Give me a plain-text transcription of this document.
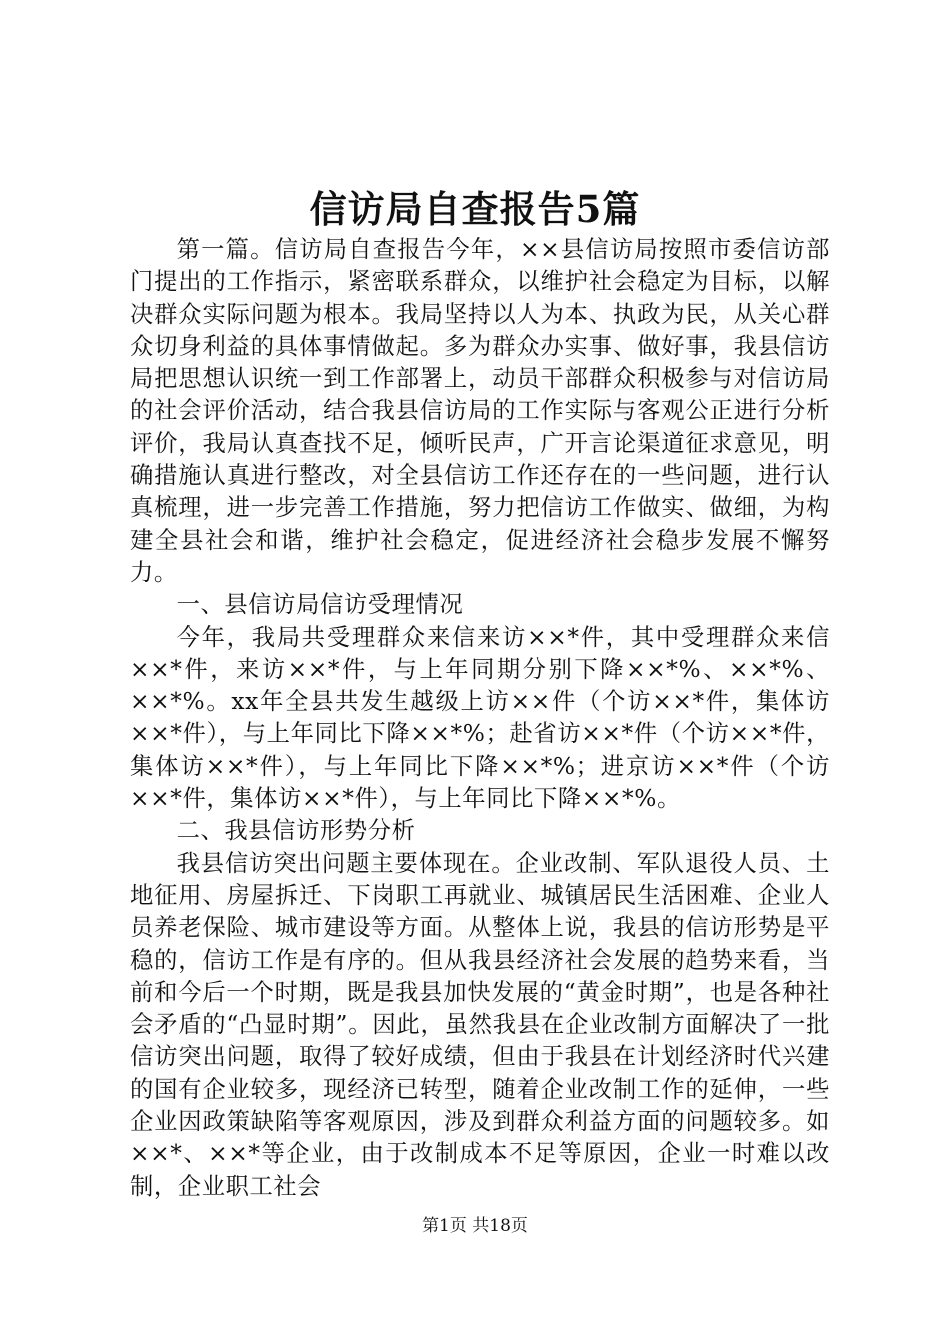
信访局自查报告5篇

第一篇。信访局自查报告今年，××县信访局按照市委信访部门提出的工作指示，紧密联系群众，以维护社会稳定为目标，以解决群众实际问题为根本。我局坚持以人为本、执政为民，从关心群众切身利益的具体事情做起。多为群众办实事、做好事，我县信访局把思想认识统一到工作部署上，动员干部群众积极参与对信访局的社会评价活动，结合我县信访局的工作实际与客观公正进行分析评价，我局认真查找不足，倾听民声，广开言论渠道征求意见，明确措施认真进行整改，对全县信访工作还存在的一些问题，进行认真梳理，进一步完善工作措施，努力把信访工作做实、做细，为构建全县社会和谐，维护社会稳定，促进经济社会稳步发展不懈努力。

一、县信访局信访受理情况

今年，我局共受理群众来信来访××*件，其中受理群众来信××*件，来访××*件，与上年同期分别下降××*%、××*%、××*%。xx年全县共发生越级上访××件（个访××*件，集体访××*件），与上年同比下降××*%；赴省访××*件（个访××*件，集体访××*件），与上年同比下降××*%；进京访××*件（个访××*件，集体访××*件），与上年同比下降××*%。

二、我县信访形势分析

我县信访突出问题主要体现在。企业改制、军队退役人员、土地征用、房屋拆迁、下岗职工再就业、城镇居民生活困难、企业人员养老保险、城市建设等方面。从整体上说，我县的信访形势是平稳的，信访工作是有序的。但从我县经济社会发展的趋势来看，当前和今后一个时期，既是我县加快发展的“黄金时期”，也是各种社会矛盾的“凸显时期”。因此，虽然我县在企业改制方面解决了一批信访突出问题，取得了较好成绩，但由于我县在计划经济时代兴建的国有企业较多，现经济已转型，随着企业改制工作的延伸，一些企业因政策缺陷等客观原因，涉及到群众利益方面的问题较多。如××*、××*等企业，由于改制成本不足等原因，企业一时难以改制，企业职工社会

第1页 共18页
